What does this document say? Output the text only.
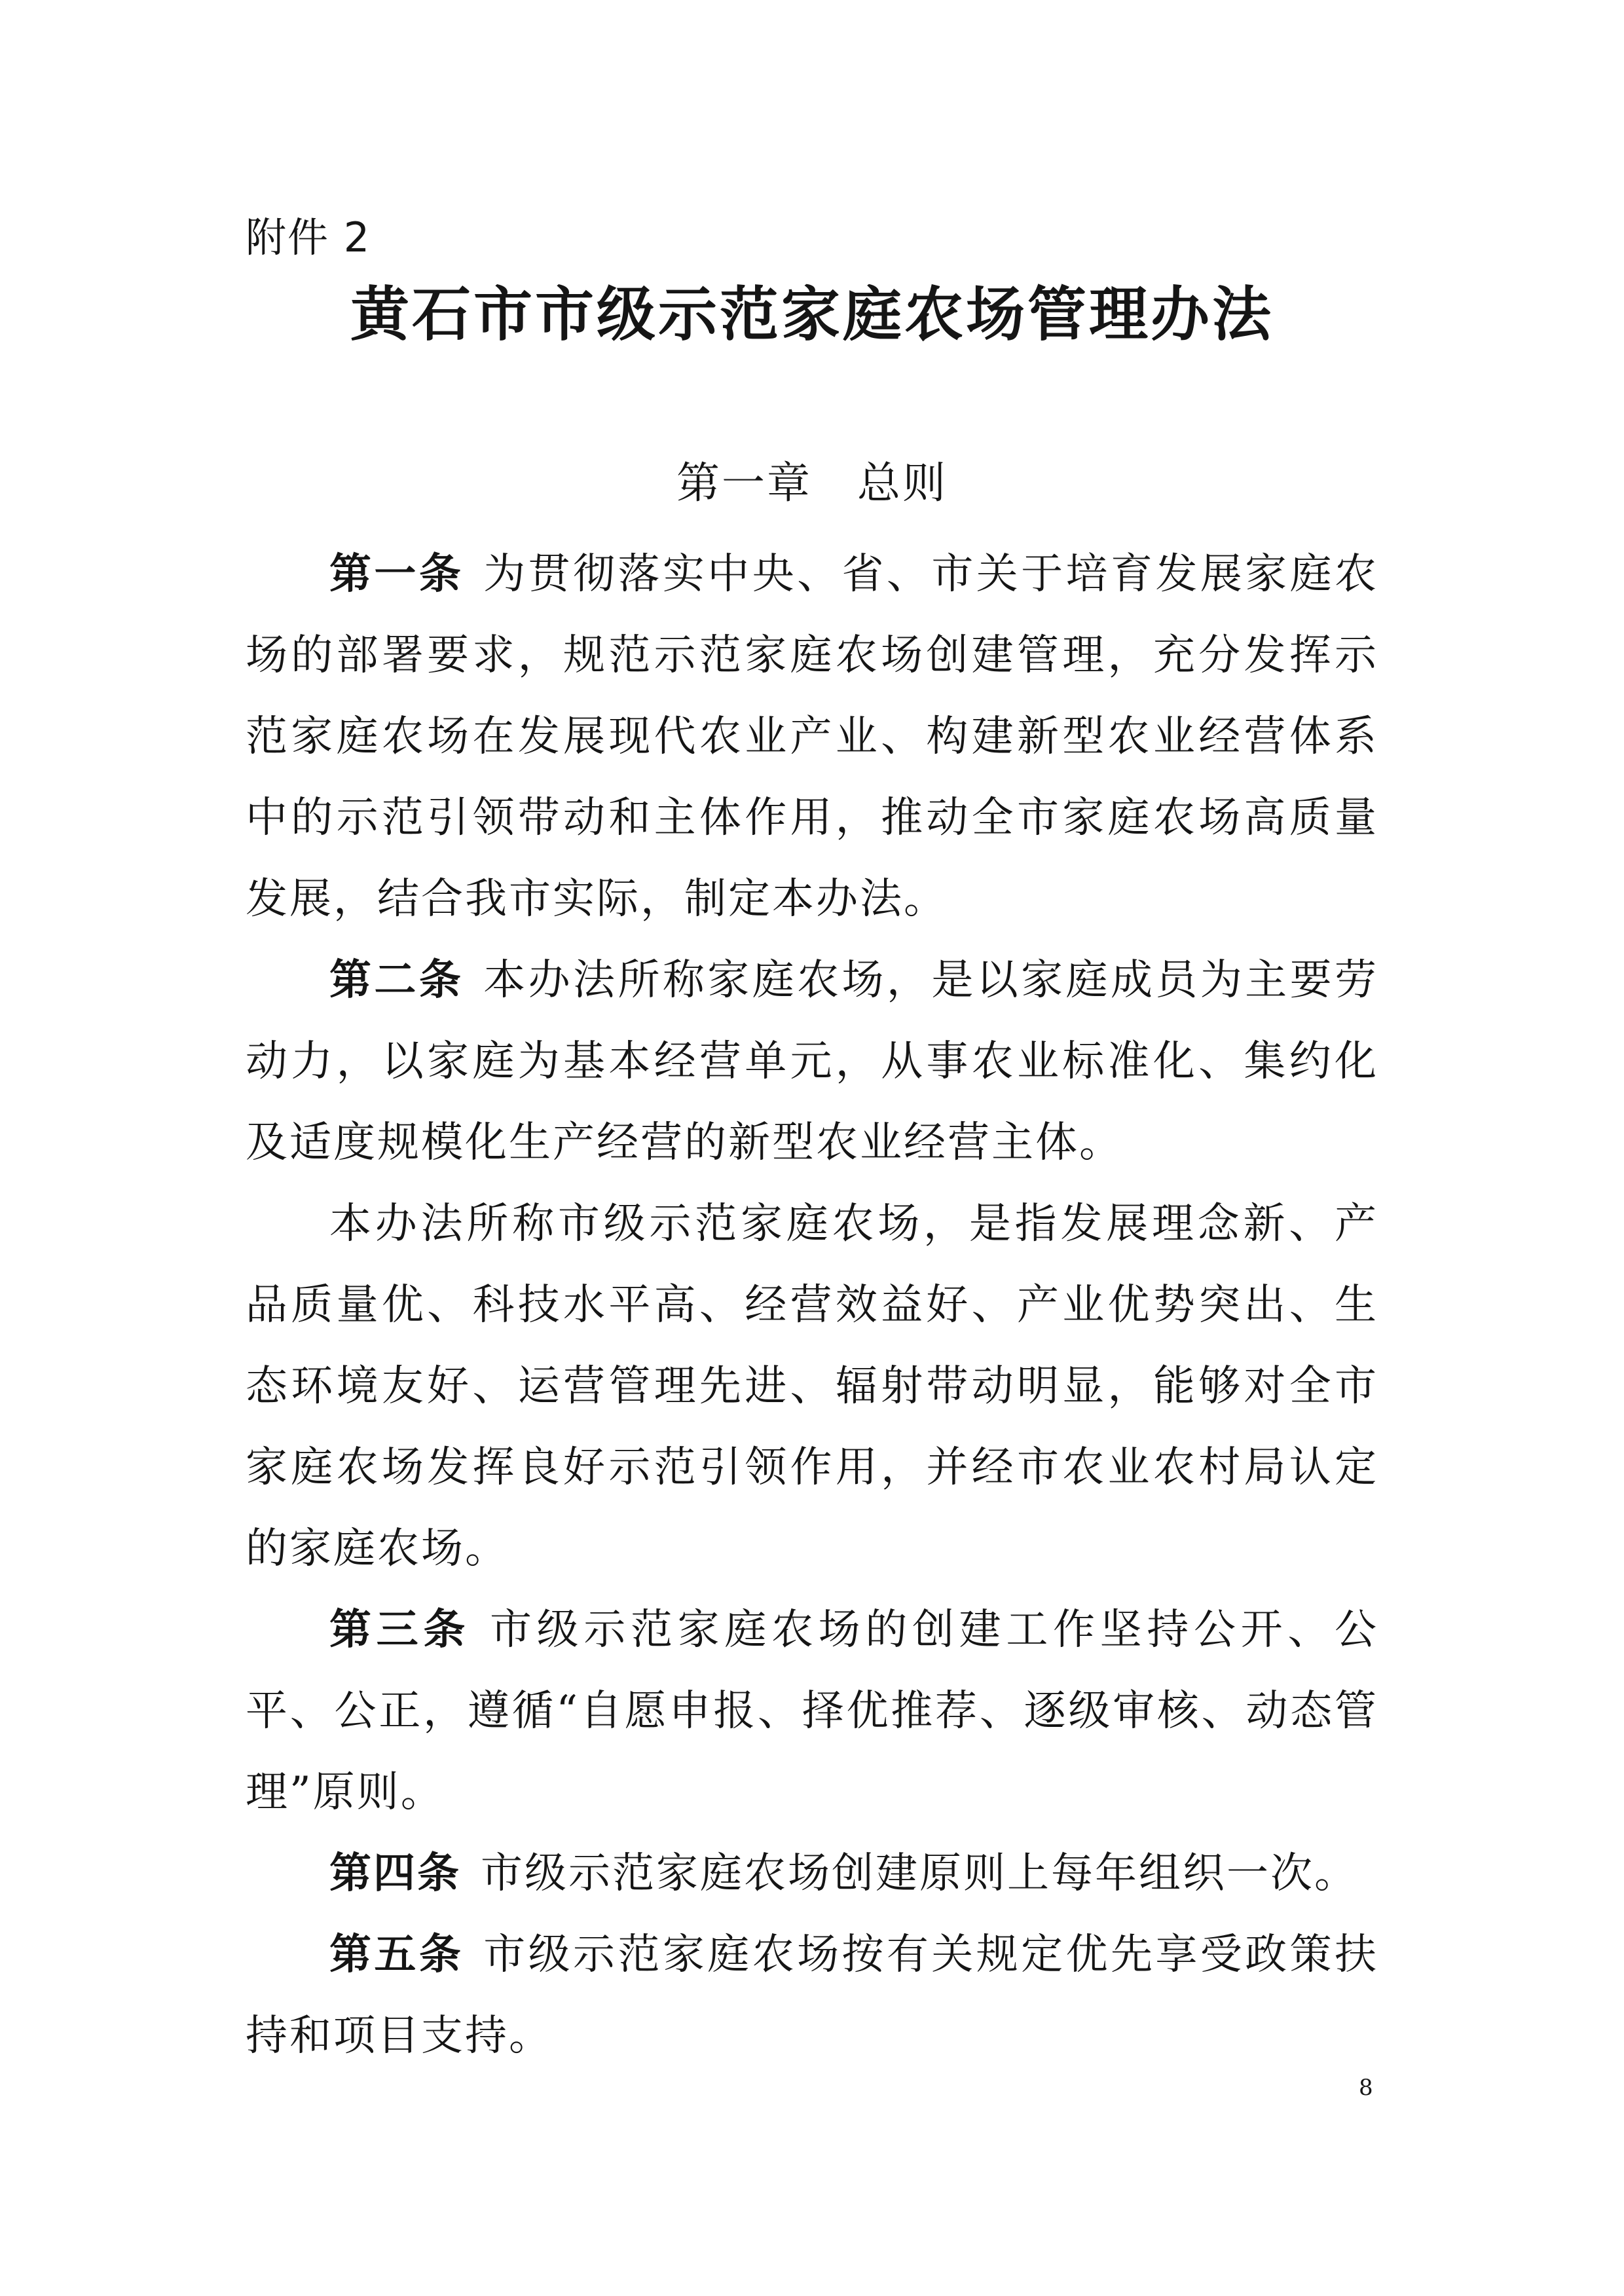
附件 2
黄石市市级示范家庭农场管理办法
第一章　总则

第一条 为贯彻落实中央、省、市关于培育发展家庭农场的部署要求，规范示范家庭农场创建管理，充分发挥示范家庭农场在发展现代农业产业、构建新型农业经营体系中的示范引领带动和主体作用，推动全市家庭农场高质量发展，结合我市实际，制定本办法。

第二条 本办法所称家庭农场，是以家庭成员为主要劳动力，以家庭为基本经营单元，从事农业标准化、集约化及适度规模化生产经营的新型农业经营主体。

本办法所称市级示范家庭农场，是指发展理念新、产品质量优、科技水平高、经营效益好、产业优势突出、生态环境友好、运营管理先进、辐射带动明显，能够对全市家庭农场发挥良好示范引领作用，并经市农业农村局认定的家庭农场。

第三条 市级示范家庭农场的创建工作坚持公开、公平、公正，遵循“自愿申报、择优推荐、逐级审核、动态管理”原则。

第四条 市级示范家庭农场创建原则上每年组织一次。

第五条 市级示范家庭农场按有关规定优先享受政策扶持和项目支持。

8
